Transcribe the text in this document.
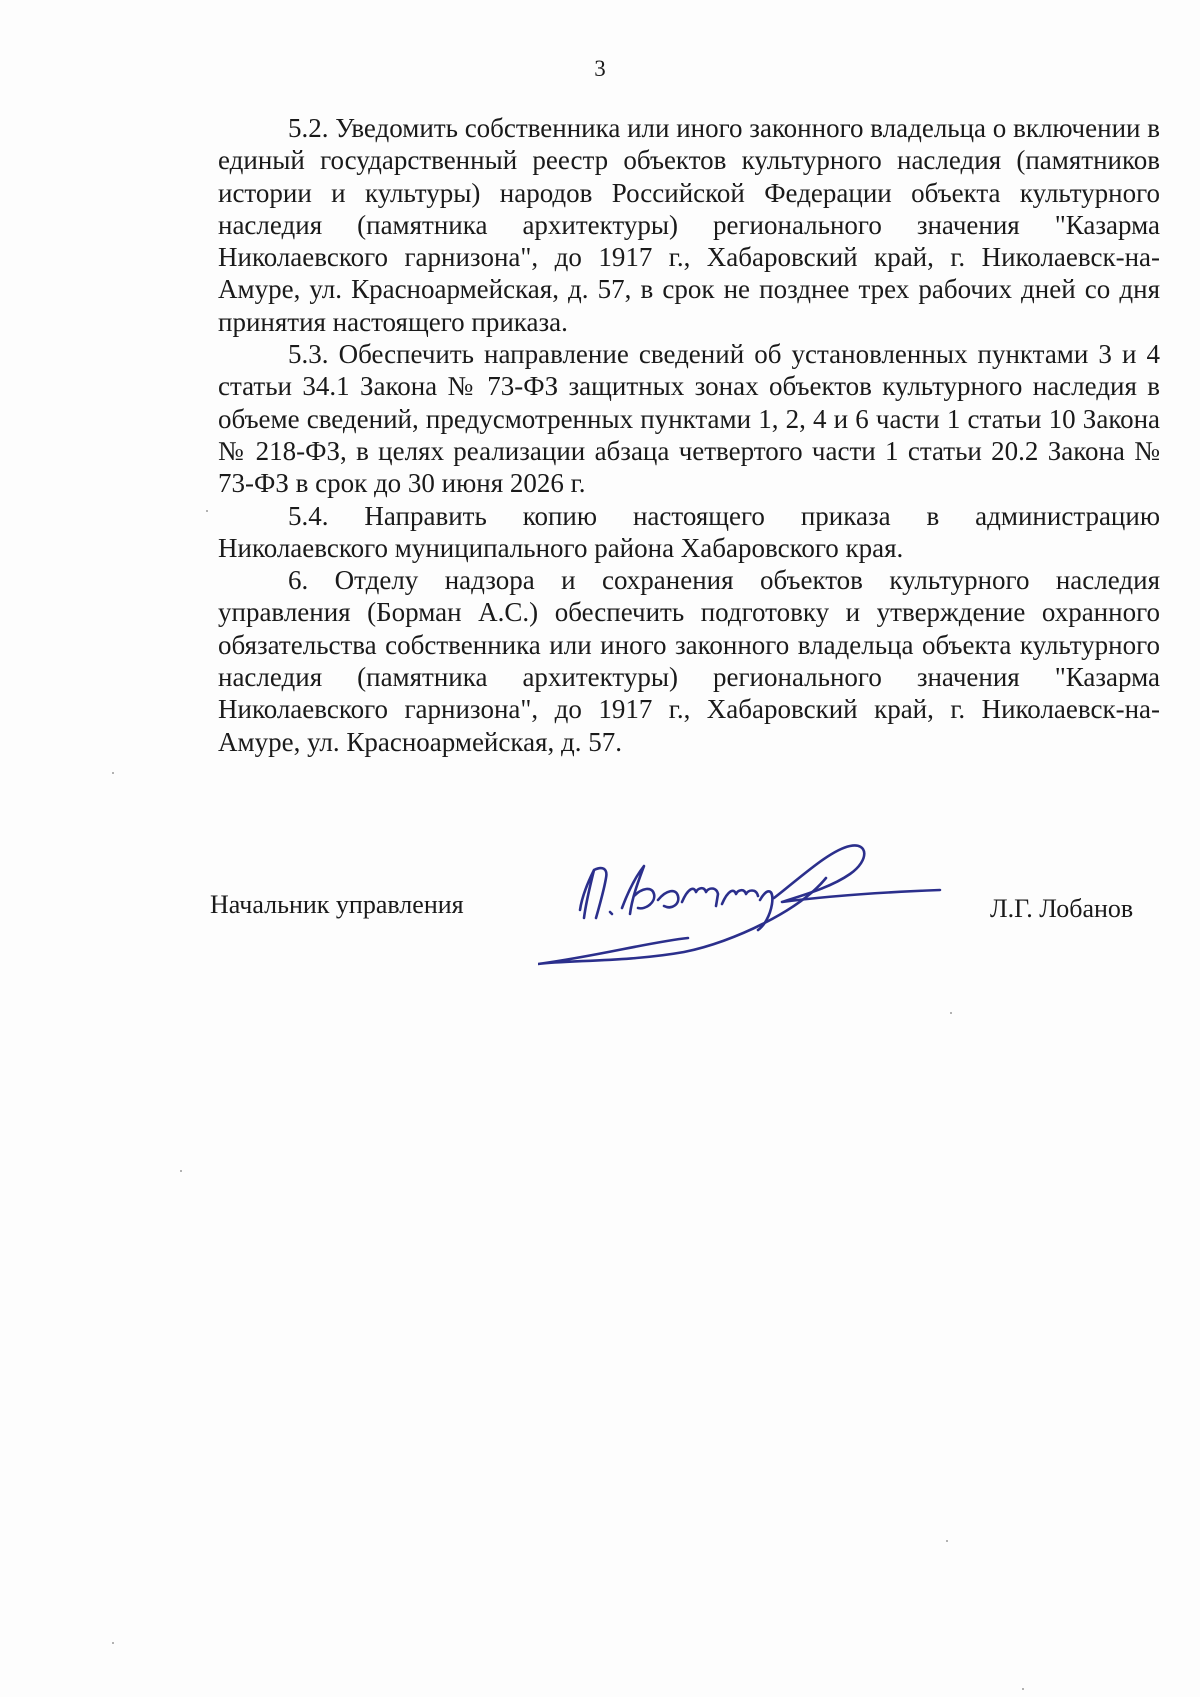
3

5.2. Уведомить собственника или иного законного владельца о включении в единый государственный реестр объектов культурного наследия (памятников истории и культуры) народов Российской Федерации объекта культурного наследия (памятника архитектуры) регионального значения "Казарма Николаевского гарнизона", до 1917 г., Хабаровский край, г. Николаевск-на-Амуре, ул. Красноармейская, д. 57, в срок не позднее трех рабочих дней со дня принятия настоящего приказа.

5.3. Обеспечить направление сведений об установленных пунктами 3 и 4 статьи 34.1 Закона № 73-ФЗ защитных зонах объектов культурного наследия в объеме сведений, предусмотренных пунктами 1, 2, 4 и 6 части 1 статьи 10 Закона № 218-ФЗ, в целях реализации абзаца четвертого части 1 статьи 20.2 Закона № 73-ФЗ в срок до 30 июня 2026 г.

5.4. Направить копию настоящего приказа в администрацию Николаевского муниципального района Хабаровского края.

6. Отделу надзора и сохранения объектов культурного наследия управления (Борман А.С.) обеспечить подготовку и утверждение охранного обязательства собственника или иного законного владельца объекта культурного наследия (памятника архитектуры) регионального значения "Казарма Николаевского гарнизона", до 1917 г., Хабаровский край, г. Николаевск-на-Амуре, ул. Красноармейская, д. 57.

Начальник управления	Л.Г. Лобанов
